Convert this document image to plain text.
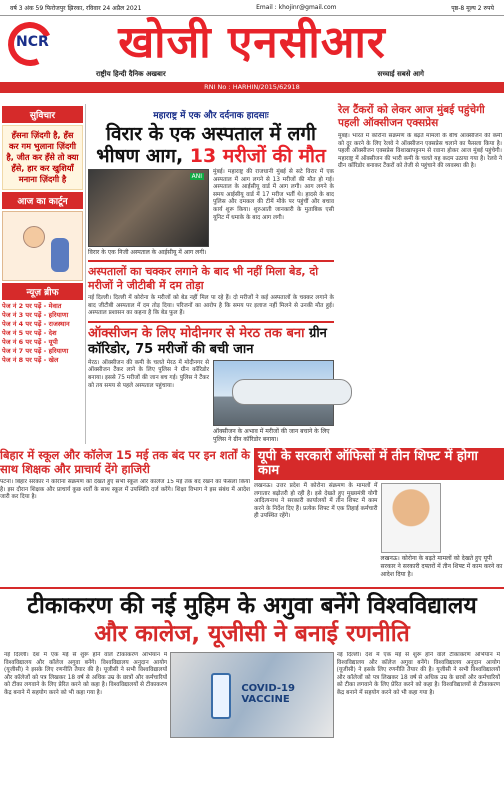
वर्ष 3 अंक 59 फिरोजपुर झिरका, रविवार 24 अप्रैल 2021	Email : khojinr@gmail.com	पृष्ठ-8 मूल्य 2 रुपये
NCR	खोजी एनसीआर
राष्ट्रीय हिन्दी दैनिक अखबार	सच्चाई सबसे आगे
RNI No : HARHIN/2015/62918
सुविचार
हँसना ज़िंदगी है, हँस कर गम भुलाना ज़िंदगी है, जीत कर हँसे तो क्या हँसे, हार कर खुशियाँ मनाना ज़िंदगी है
आज का कार्टून
न्यूज़ ब्रीफ
पेज नं 2 पर पढ़ें - मेवात
पेज नं 3 पर पढ़ें - हरियाणा
पेज नं 4 पर पढ़ें - राजस्थान
पेज नं 5 पर पढ़ें - देश
पेज नं 6 पर पढ़ें - यूपी
पेज नं 7 पर पढ़ें - हरियाणा
पेज नं 8 पर पढ़ें - खेल
महाराष्ट्र में एक और दर्दनाक हादसाः
विरार के एक अस्पताल में लगी भीषण आग, 13 मरीजों की मौत
ANI
विरार के एक निजी अस्पताल के आईसीयू में आग लगी।
मुंबई। महाराष्ट्र की राजधानी मुंबई से सटे विरार में एक अस्पताल में आग लगने से 13 मरीजों की मौत हो गई। अस्पताल के आईसीयू वार्ड में आग लगी। आग लगने के समय आईसीयू वार्ड में 17 मरीज भर्ती थे। हादसे के बाद पुलिस और दमकल की टीमें मौके पर पहुंचीं और बचाव कार्य शुरू किया। शुरुआती जानकारी के मुताबिक एसी यूनिट में धमाके के बाद आग लगी।
अस्पतालों का चक्कर लगाने के बाद भी नहीं मिला बेड, दो मरीजों ने जीटीबी में दम तोड़ा
नई दिल्ली। दिल्ली में कोरोना के मरीजों को बेड नहीं मिल पा रहे हैं। दो मरीजों ने कई अस्पतालों के चक्कर लगाने के बाद जीटीबी अस्पताल में दम तोड़ दिया। परिजनों का आरोप है कि समय पर इलाज नहीं मिलने से उनकी मौत हुई। अस्पताल प्रशासन का कहना है कि बेड फुल हैं।
ऑक्सीजन के लिए मोदीनगर से मेरठ तक बना ग्रीन कॉरिडोर, 75 मरीजों की बची जान
मेरठ। ऑक्सीजन की कमी के चलते मेरठ में मोदीनगर से ऑक्सीजन टैंकर लाने के लिए पुलिस ने ग्रीन कॉरिडोर बनाया। इससे 75 मरीजों की जान बच गई। पुलिस ने टैंकर को तय समय से पहले अस्पताल पहुंचाया।
ऑक्सीजन के अभाव में मरीजों की जान बचाने के लिए पुलिस ने ग्रीन कॉरिडोर बनाया।
रेल टैंकरों को लेकर आज मुंबई पहुंचेगी पहली ऑक्सीजन एक्सप्रेस
मुंबई। भारत में कोरोना संक्रमण के बढ़ते मामलों के बीच ऑक्सीजन की कमी को दूर करने के लिए रेलवे ने ऑक्सीजन एक्सप्रेस चलाने का फैसला किया है। पहली ऑक्सीजन एक्सप्रेस विशाखापट्टनम से रवाना होकर आज मुंबई पहुंचेगी। महाराष्ट्र में ऑक्सीजन की भारी कमी के चलते यह कदम उठाया गया है। रेलवे ने ग्रीन कॉरिडोर बनाकर टैंकरों को तेजी से पहुंचाने की व्यवस्था की है।
बिहार में स्कूल और कॉलेज 15 मई तक बंद पर इन शर्तों के साथ शिक्षक और प्राचार्य देंगे हाजिरी
पटना। बिहार सरकार ने कोरोना संक्रमण को देखते हुए सभी स्कूल और कॉलेज 15 मई तक बंद रखने का फैसला किया है। इस दौरान शिक्षक और प्राचार्य कुछ शर्तों के साथ स्कूल में उपस्थिति दर्ज करेंगे। शिक्षा विभाग ने इस संबंध में आदेश जारी कर दिया है।
यूपी के सरकारी ऑफिसों में तीन शिफ्ट में होगा काम
लखनऊ। उत्तर प्रदेश में कोरोना संक्रमण के मामलों में लगातार बढ़ोतरी हो रही है। इसे देखते हुए मुख्यमंत्री योगी आदित्यनाथ ने सरकारी कार्यालयों में तीन शिफ्ट में काम करने के निर्देश दिए हैं। प्रत्येक शिफ्ट में एक तिहाई कर्मचारी ही उपस्थित रहेंगे।
लखनऊ। कोरोना के बढ़ते मामलों को देखते हुए यूपी सरकार ने सरकारी दफ्तरों में तीन शिफ्ट में काम करने का आदेश दिया है।
टीकाकरण की नई मुहिम के अगुवा बनेंगे विश्वविद्यालय
और कालेज, यूजीसी ने बनाई रणनीति
नई दिल्ली। देश में एक मई से शुरू होने वाले टीकाकरण अभियान में विश्वविद्यालय और कॉलेज अगुवा बनेंगे। विश्वविद्यालय अनुदान आयोग (यूजीसी) ने इसके लिए रणनीति तैयार की है। यूजीसी ने सभी विश्वविद्यालयों और कॉलेजों को पत्र लिखकर 18 वर्ष से अधिक उम्र के छात्रों और कर्मचारियों को टीका लगवाने के लिए प्रेरित करने को कहा है। विश्वविद्यालयों से टीकाकरण केंद्र बनाने में सहयोग करने को भी कहा गया है।	COVID-19 VACCINE
नई दिल्ली। देश में एक मई से शुरू होने वाले टीकाकरण अभियान में विश्वविद्यालय और कॉलेज अगुवा बनेंगे। विश्वविद्यालय अनुदान आयोग (यूजीसी) ने इसके लिए रणनीति तैयार की है। यूजीसी ने सभी विश्वविद्यालयों और कॉलेजों को पत्र लिखकर 18 वर्ष से अधिक उम्र के छात्रों और कर्मचारियों को टीका लगवाने के लिए प्रेरित करने को कहा है। विश्वविद्यालयों से टीकाकरण केंद्र बनाने में सहयोग करने को भी कहा गया है।
